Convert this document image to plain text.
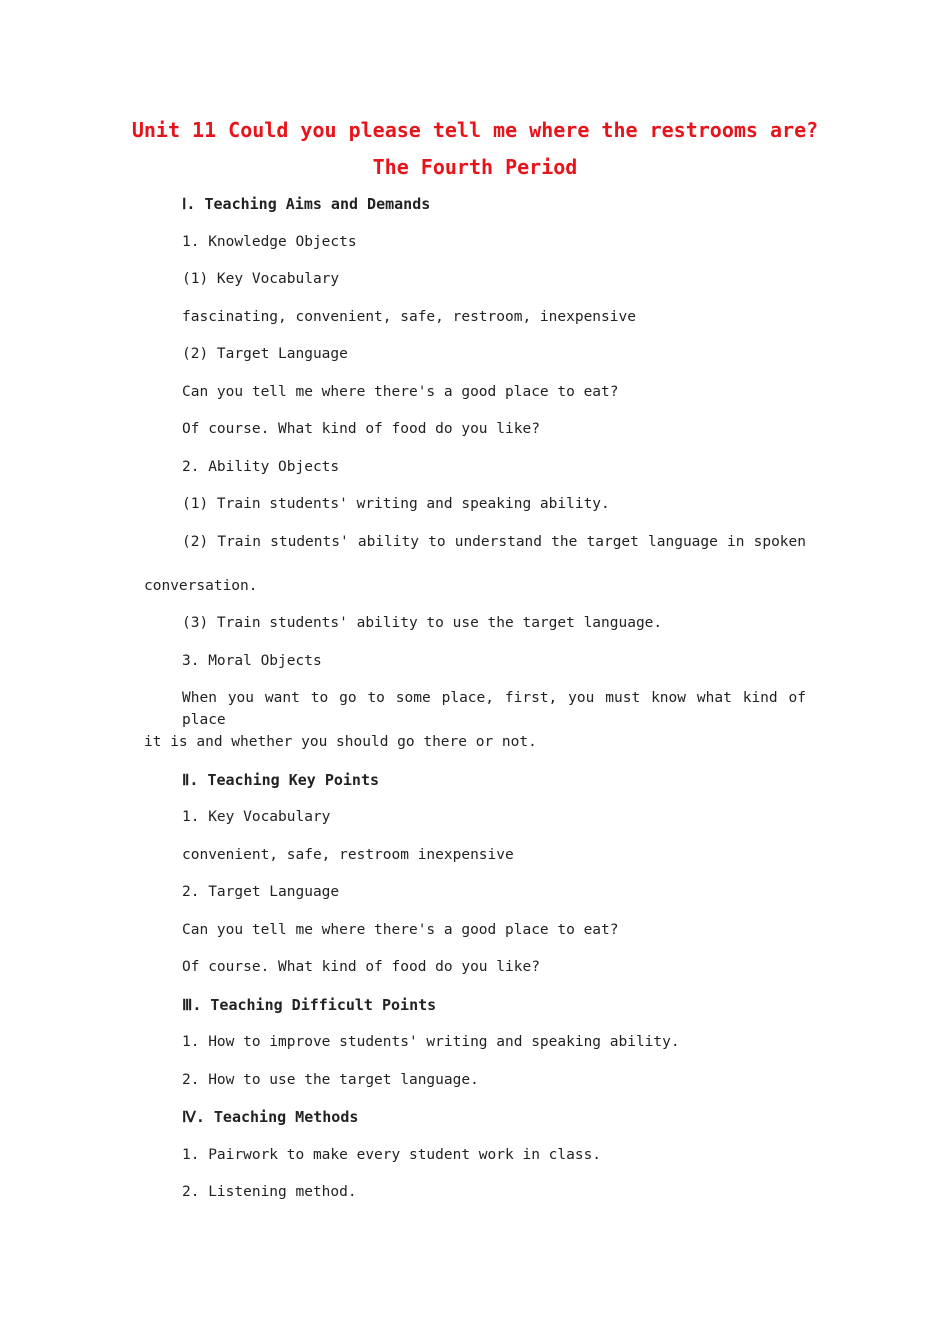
Unit 11 Could you please tell me where the restrooms are?
The Fourth Period
Ⅰ. Teaching Aims and Demands
1. Knowledge Objects
(1) Key Vocabulary
fascinating, convenient, safe, restroom, inexpensive
(2) Target Language
Can you tell me where there's a good place to eat?
Of course. What kind of food do you like?
2. Ability Objects
(1) Train students' writing and speaking ability.
(2) Train students' ability to understand the target language in spoken
conversation.
(3) Train students' ability to use the target language.
3. Moral Objects
When you want to go to some place, first, you must know what kind of place
it is and whether you should go there or not.
Ⅱ. Teaching Key Points
1. Key Vocabulary
convenient, safe, restroom inexpensive
2. Target Language
Can you tell me where there's a good place to eat?
Of course. What kind of food do you like?
Ⅲ. Teaching Difficult Points
1. How to improve students' writing and speaking ability.
2. How to use the target language.
Ⅳ. Teaching Methods
1. Pairwork to make every student work in class.
2. Listening method.
